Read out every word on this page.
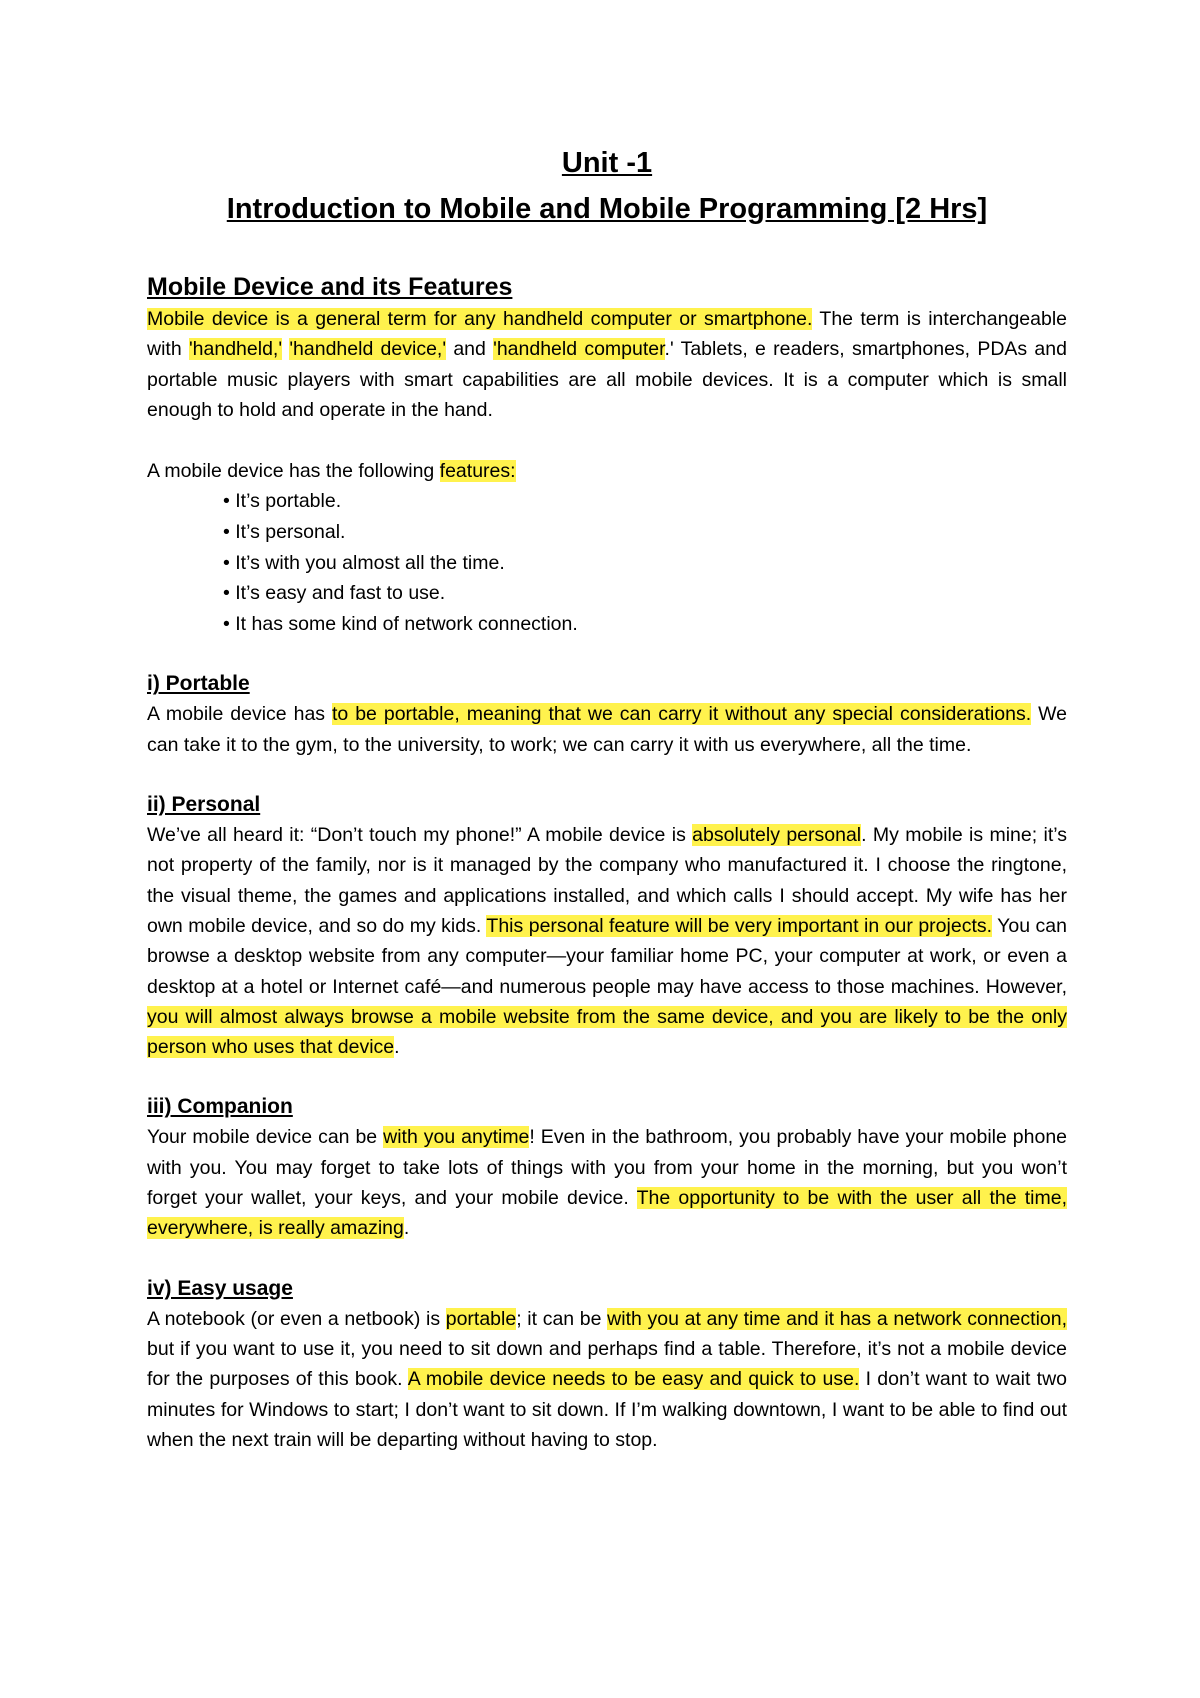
Unit -1
Introduction to Mobile and Mobile Programming [2 Hrs]
Mobile Device and its Features

Mobile device is a general term for any handheld computer or smartphone. The term is interchangeable with 'handheld,' 'handheld device,' and 'handheld computer.' Tablets, e readers, smartphones, PDAs and portable music players with smart capabilities are all mobile devices. It is a computer which is small enough to hold and operate in the hand.

A mobile device has the following features:

• It’s portable.
• It’s personal.
• It’s with you almost all the time.
• It’s easy and fast to use.
• It has some kind of network connection.
i) Portable

A mobile device has to be portable, meaning that we can carry it without any special considerations. We can take it to the gym, to the university, to work; we can carry it with us everywhere, all the time.

ii) Personal

We’ve all heard it: “Don’t touch my phone!” A mobile device is absolutely personal. My mobile is mine; it’s not property of the family, nor is it managed by the company who manufactured it. I choose the ringtone, the visual theme, the games and applications installed, and which calls I should accept. My wife has her own mobile device, and so do my kids. This personal feature will be very important in our projects. You can browse a desktop website from any computer—your familiar home PC, your computer at work, or even a desktop at a hotel or Internet café—and numerous people may have access to those machines. However, you will almost always browse a mobile website from the same device, and you are likely to be the only person who uses that device.

iii) Companion

Your mobile device can be with you anytime! Even in the bathroom, you probably have your mobile phone with you. You may forget to take lots of things with you from your home in the morning, but you won’t forget your wallet, your keys, and your mobile device. The opportunity to be with the user all the time, everywhere, is really amazing.

iv) Easy usage

A notebook (or even a netbook) is portable; it can be with you at any time and it has a network connection, but if you want to use it, you need to sit down and perhaps find a table. Therefore, it’s not a mobile device for the purposes of this book. A mobile device needs to be easy and quick to use. I don’t want to wait two minutes for Windows to start; I don’t want to sit down. If I’m walking downtown, I want to be able to find out when the next train will be departing without having to stop.
